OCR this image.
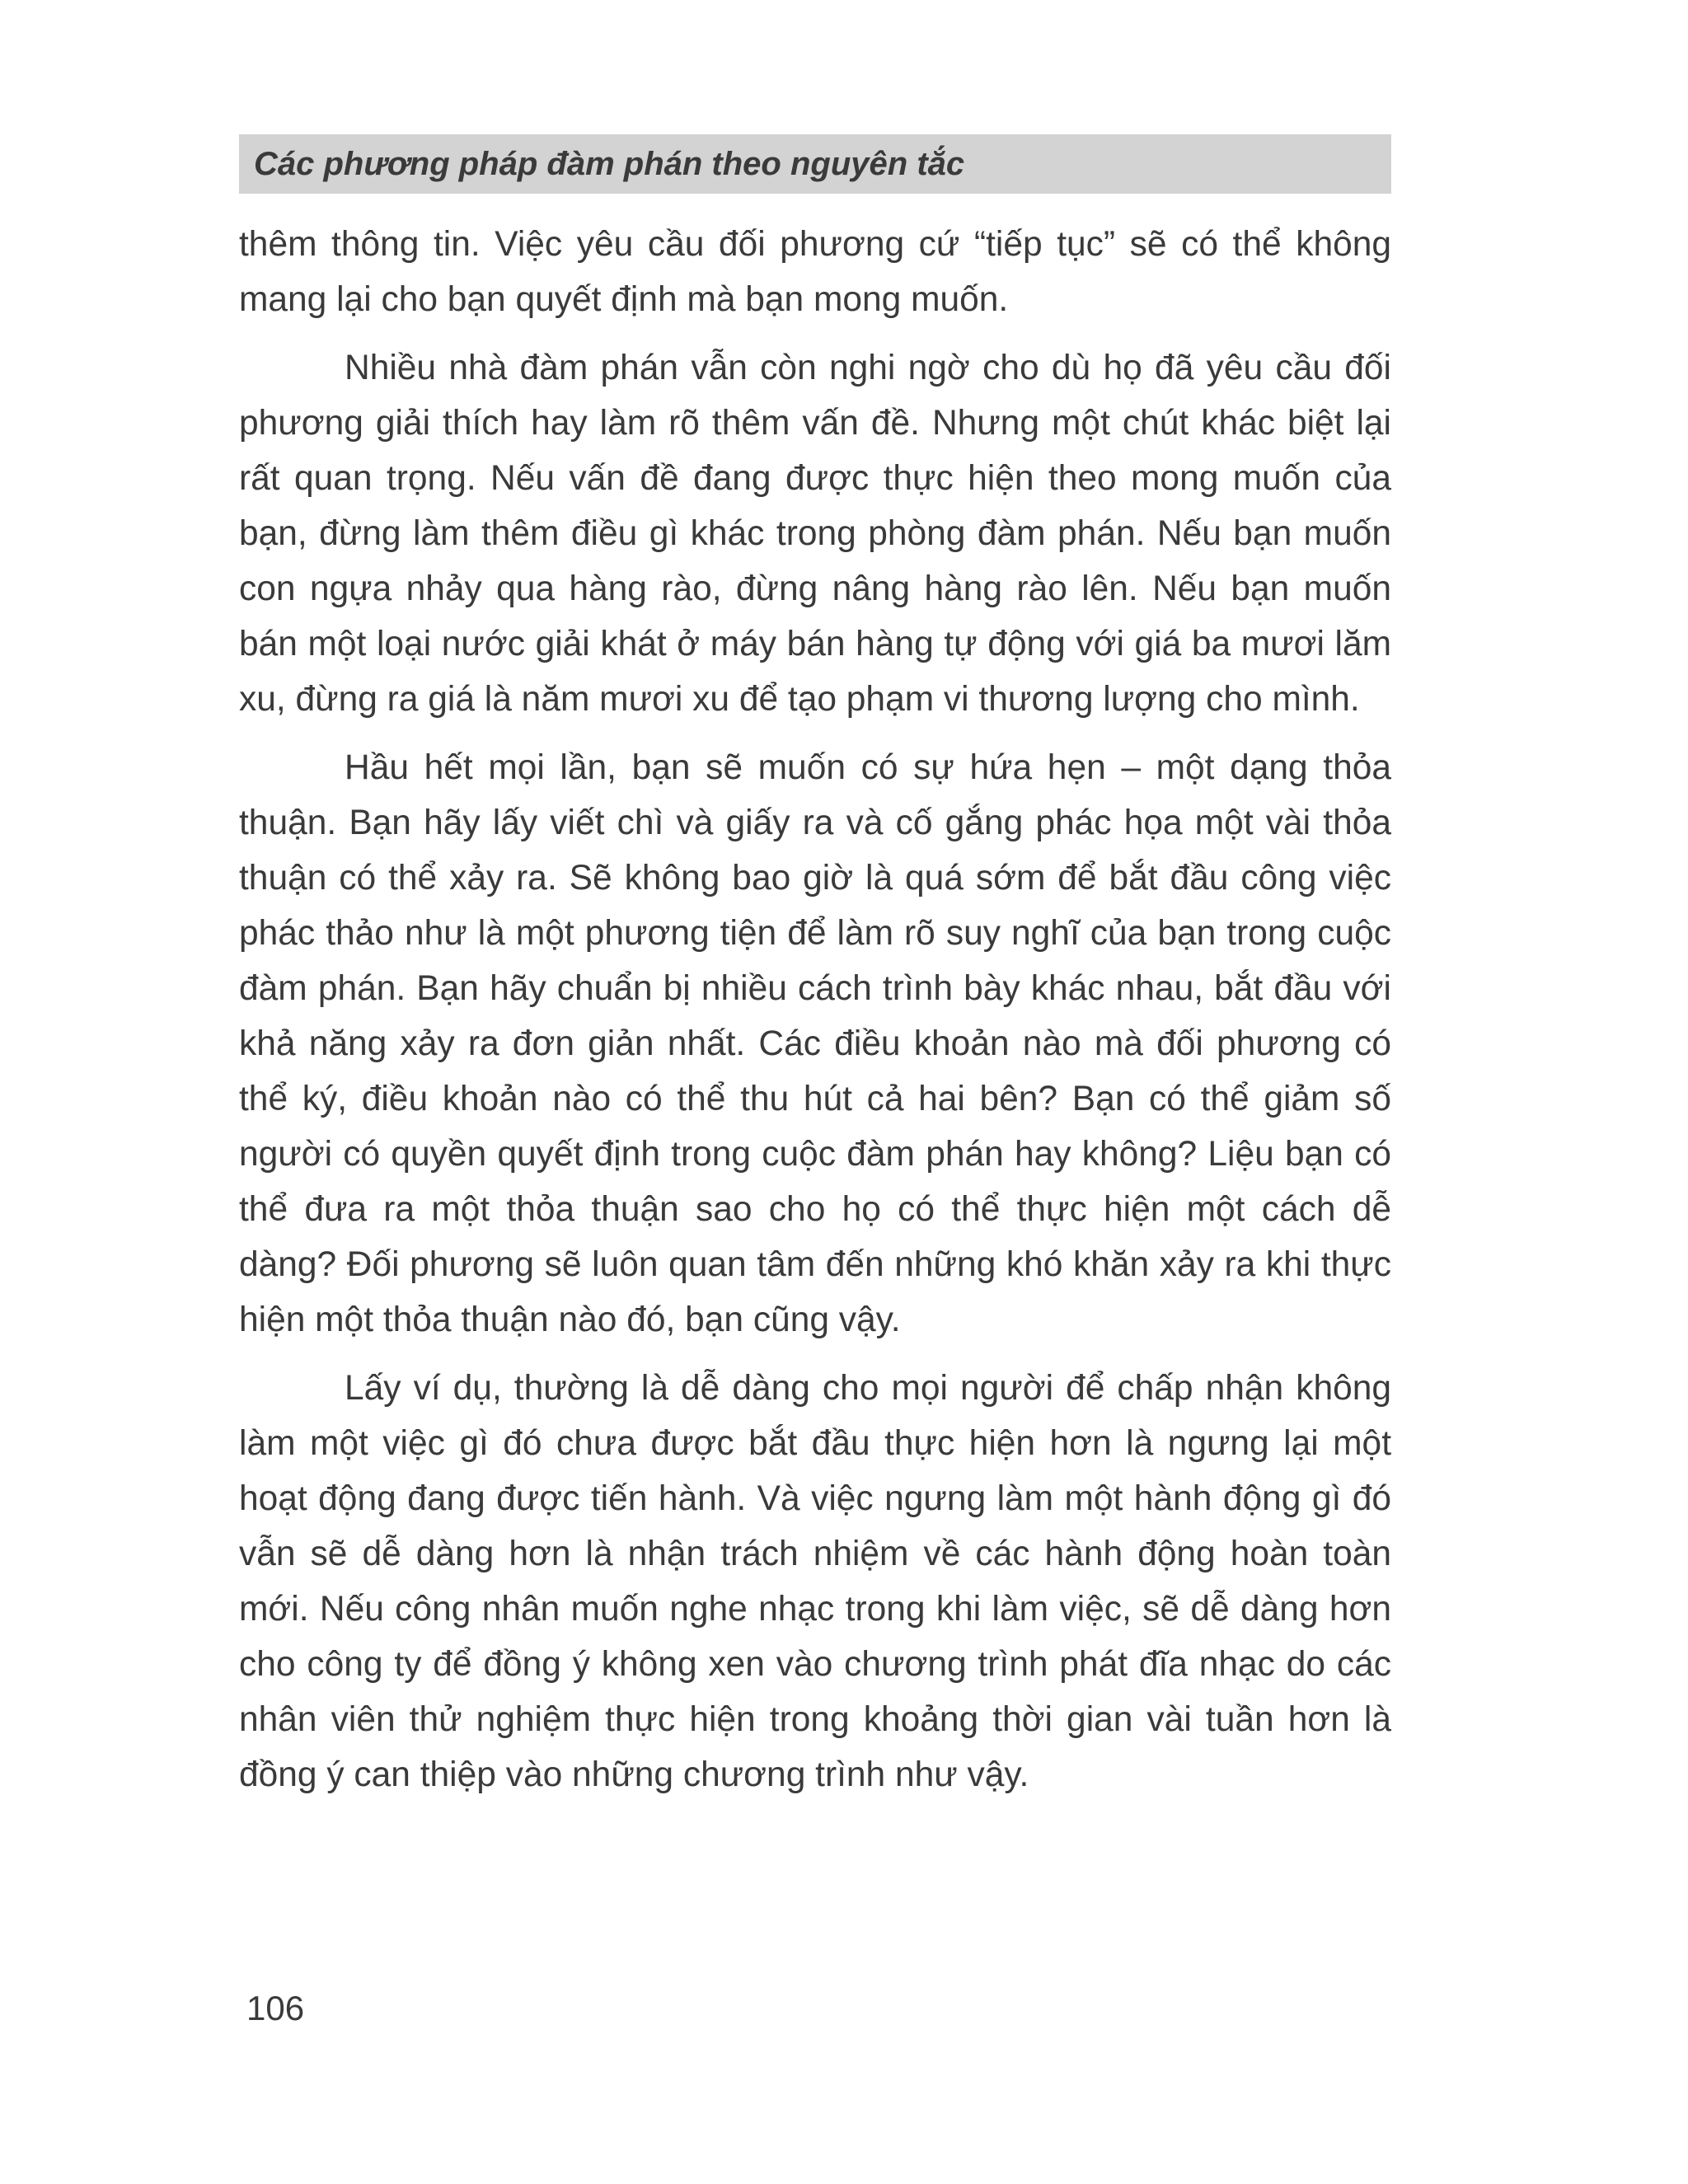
Các phương pháp đàm phán theo nguyên tắc

thêm thông tin. Việc yêu cầu đối phương cứ “tiếp tục” sẽ có thể không mang lại cho bạn quyết định mà bạn mong muốn.

Nhiều nhà đàm phán vẫn còn nghi ngờ cho dù họ đã yêu cầu đối phương giải thích hay làm rõ thêm vấn đề. Nhưng một chút khác biệt lại rất quan trọng. Nếu vấn đề đang được thực hiện theo mong muốn của bạn, đừng làm thêm điều gì khác trong phòng đàm phán. Nếu bạn muốn con ngựa nhảy qua hàng rào, đừng nâng hàng rào lên. Nếu bạn muốn bán một loại nước giải khát ở máy bán hàng tự động với giá ba mươi lăm xu, đừng ra giá là năm mươi xu để tạo phạm vi thương lượng cho mình.

Hầu hết mọi lần, bạn sẽ muốn có sự hứa hẹn – một dạng thỏa thuận. Bạn hãy lấy viết chì và giấy ra và cố gắng phác họa một vài thỏa thuận có thể xảy ra. Sẽ không bao giờ là quá sớm để bắt đầu công việc phác thảo như là một phương tiện để làm rõ suy nghĩ của bạn trong cuộc đàm phán. Bạn hãy chuẩn bị nhiều cách trình bày khác nhau, bắt đầu với khả năng xảy ra đơn giản nhất. Các điều khoản nào mà đối phương có thể ký, điều khoản nào có thể thu hút cả hai bên? Bạn có thể giảm số người có quyền quyết định trong cuộc đàm phán hay không? Liệu bạn có thể đưa ra một thỏa thuận sao cho họ có thể thực hiện một cách dễ dàng? Đối phương sẽ luôn quan tâm đến những khó khăn xảy ra khi thực hiện một thỏa thuận nào đó, bạn cũng vậy.

Lấy ví dụ, thường là dễ dàng cho mọi người để chấp nhận không làm một việc gì đó chưa được bắt đầu thực hiện hơn là ngưng lại một hoạt động đang được tiến hành. Và việc ngưng làm một hành động gì đó vẫn sẽ dễ dàng hơn là nhận trách nhiệm về các hành động hoàn toàn mới. Nếu công nhân muốn nghe nhạc trong khi làm việc, sẽ dễ dàng hơn cho công ty để đồng ý không xen vào chương trình phát đĩa nhạc do các nhân viên thử nghiệm thực hiện trong khoảng thời gian vài tuần hơn là đồng ý can thiệp vào những chương trình như vậy.

106
